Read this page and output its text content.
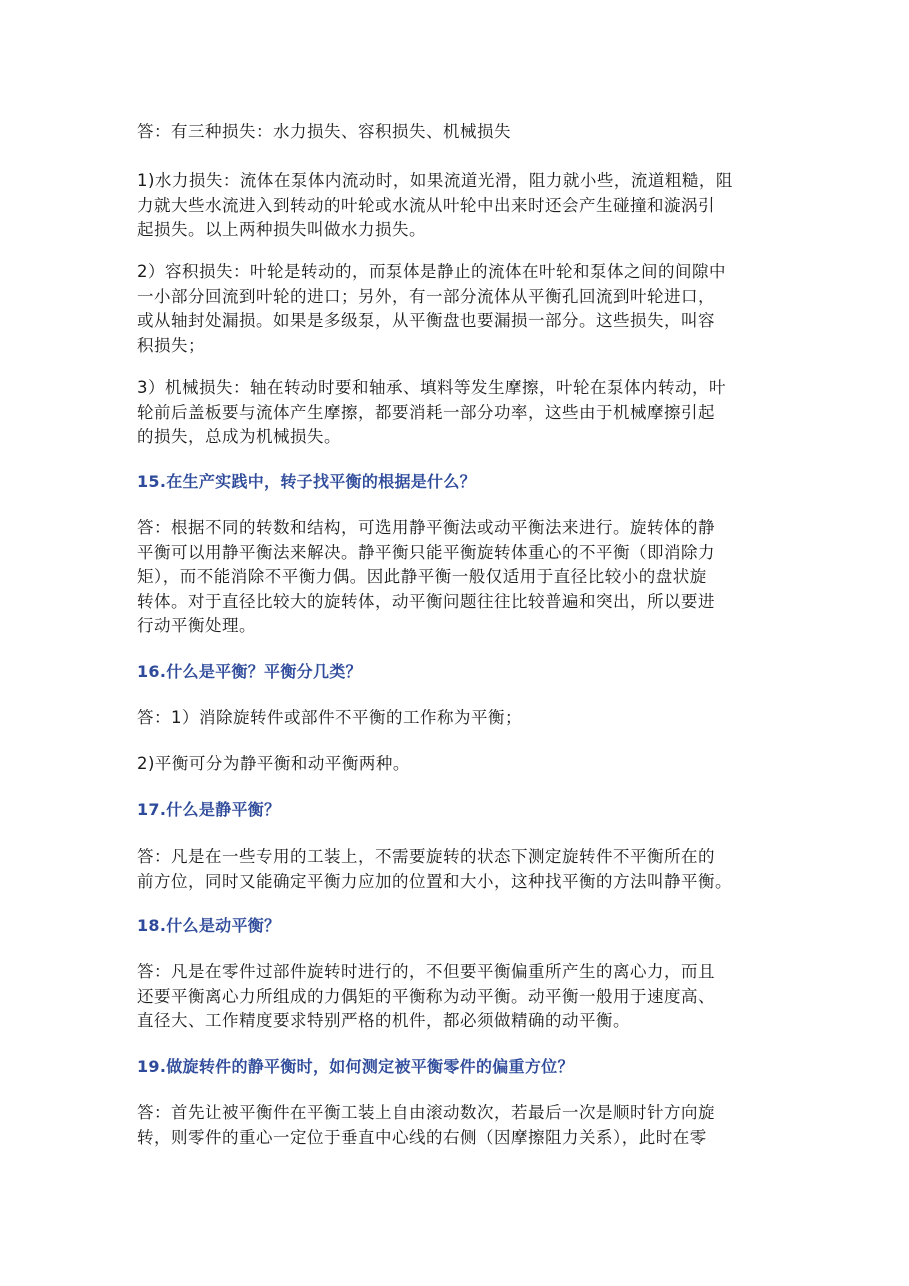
答：有三种损失：水力损失、容积损失、机械损失

1)水力损失：流体在泵体内流动时，如果流道光滑，阻力就小些，流道粗糙，阻
力就大些水流进入到转动的叶轮或水流从叶轮中出来时还会产生碰撞和漩涡引
起损失。以上两种损失叫做水力损失。

2）容积损失：叶轮是转动的，而泵体是静止的流体在叶轮和泵体之间的间隙中
一小部分回流到叶轮的进口；另外，有一部分流体从平衡孔回流到叶轮进口，
或从轴封处漏损。如果是多级泵，从平衡盘也要漏损一部分。这些损失，叫容
积损失；

3）机械损失：轴在转动时要和轴承、填料等发生摩擦，叶轮在泵体内转动，叶
轮前后盖板要与流体产生摩擦，都要消耗一部分功率，这些由于机械摩擦引起
的损失，总成为机械损失。

15.在生产实践中，转子找平衡的根据是什么？

答：根据不同的转数和结构，可选用静平衡法或动平衡法来进行。旋转体的静
平衡可以用静平衡法来解决。静平衡只能平衡旋转体重心的不平衡（即消除力
矩），而不能消除不平衡力偶。因此静平衡一般仅适用于直径比较小的盘状旋
转体。对于直径比较大的旋转体，动平衡问题往往比较普遍和突出，所以要进
行动平衡处理。

16.什么是平衡？平衡分几类？

答：1）消除旋转件或部件不平衡的工作称为平衡；

2)平衡可分为静平衡和动平衡两种。

17.什么是静平衡？

答：凡是在一些专用的工装上，不需要旋转的状态下测定旋转件不平衡所在的
前方位，同时又能确定平衡力应加的位置和大小，这种找平衡的方法叫静平衡。

18.什么是动平衡？

答：凡是在零件过部件旋转时进行的，不但要平衡偏重所产生的离心力，而且
还要平衡离心力所组成的力偶矩的平衡称为动平衡。动平衡一般用于速度高、
直径大、工作精度要求特别严格的机件，都必须做精确的动平衡。

19.做旋转件的静平衡时，如何测定被平衡零件的偏重方位？

答：首先让被平衡件在平衡工装上自由滚动数次，若最后一次是顺时针方向旋
转，则零件的重心一定位于垂直中心线的右侧（因摩擦阻力关系），此时在零
